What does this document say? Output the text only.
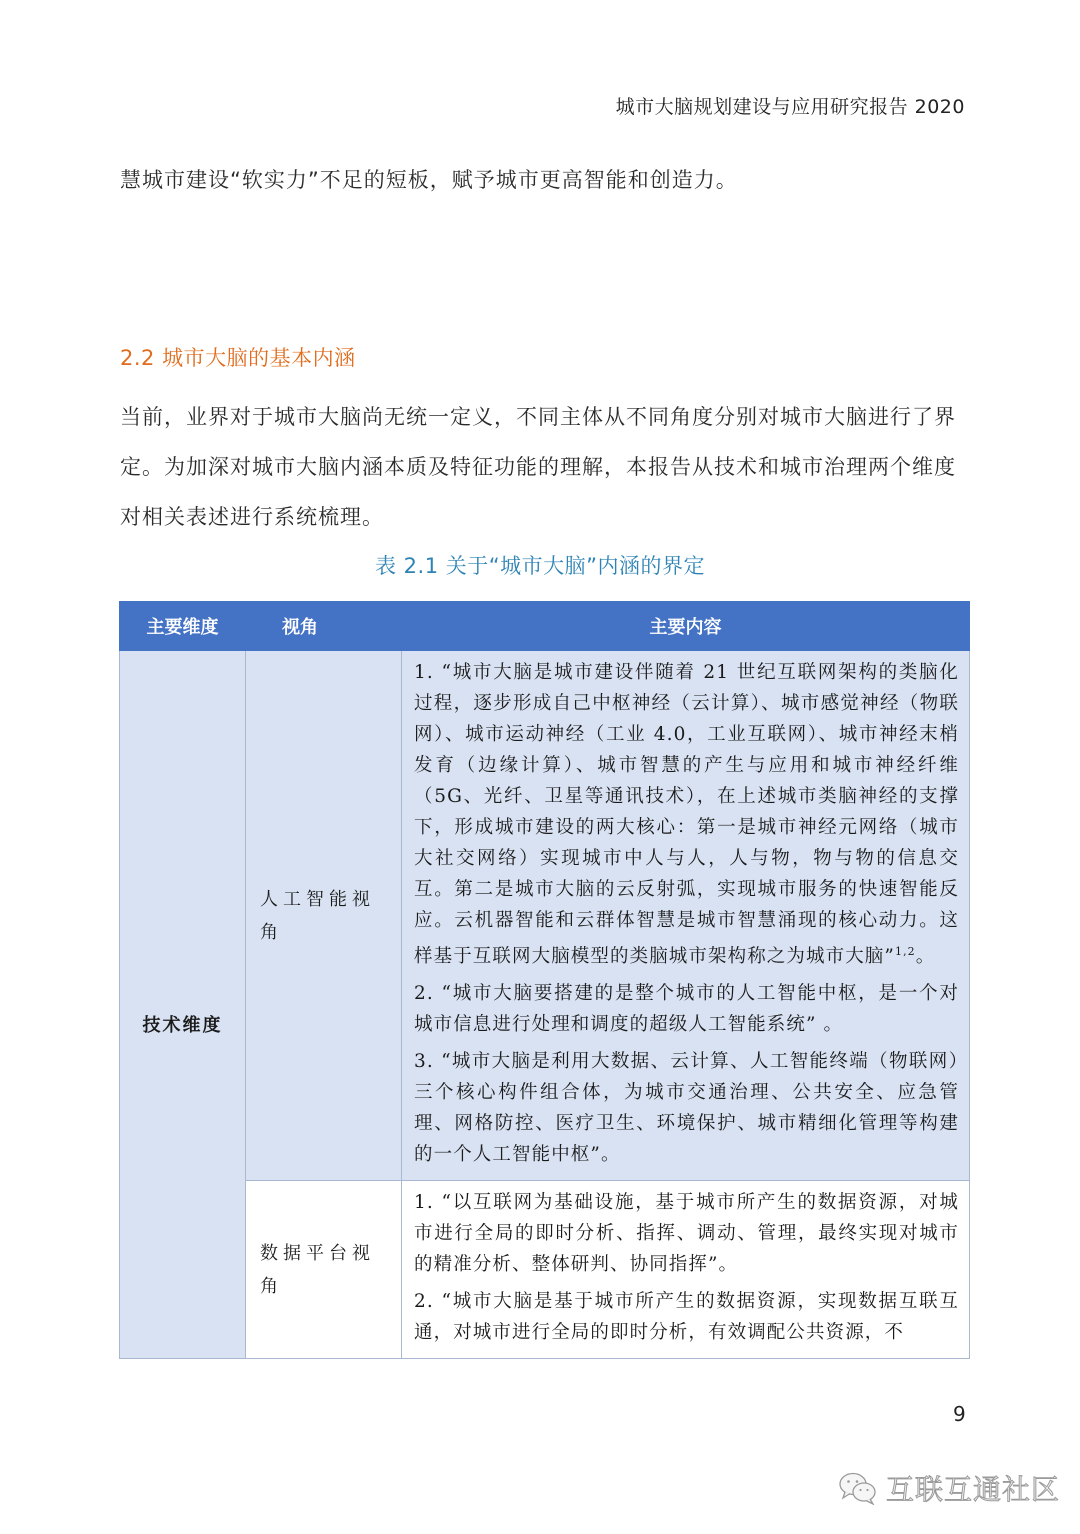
城市大脑规划建设与应用研究报告 2020
慧城市建设“软实力”不足的短板，赋予城市更高智能和创造力。
2.2 城市大脑的基本内涵
当前，业界对于城市大脑尚无统一定义，不同主体从不同角度分别对城市大脑进行了界定。为加深对城市大脑内涵本质及特征功能的理解，本报告从技术和城市治理两个维度对相关表述进行系统梳理。
表 2.1 关于“城市大脑”内涵的界定
主要维度	视角	主要内容
技术维度	人工智能视角	1. “城市大脑是城市建设伴随着 21 世纪互联网架构的类脑化过程，逐步形成自己中枢神经（云计算）、城市感觉神经（物联网）、城市运动神经（工业 4.0，工业互联网）、城市神经末梢发育（边缘计算）、城市智慧的产生与应用和城市神经纤维（5G、光纤、卫星等通讯技术），在上述城市类脑神经的支撑下，形成城市建设的两大核心：第一是城市神经元网络（城市大社交网络）实现城市中人与人，人与物，物与物的信息交互。第二是城市大脑的云反射弧，实现城市服务的快速智能反应。云机器智能和云群体智慧是城市智慧涌现的核心动力。这样基于互联网大脑模型的类脑城市架构称之为城市大脑”$^{1,2}$。

2. “城市大脑要搭建的是整个城市的人工智能中枢，是一个对城市信息进行处理和调度的超级人工智能系统” 。

3. “城市大脑是利用大数据、云计算、人工智能终端（物联网）三个核心构件组合体，为城市交通治理、公共安全、应急管理、网格防控、医疗卫生、环境保护、城市精细化管理等构建的一个人工智能中枢”。

	数据平台视角	1. “以互联网为基础设施，基于城市所产生的数据资源，对城市进行全局的即时分析、指挥、调动、管理，最终实现对城市的精准分析、整体研判、协同指挥”。

2. “城市大脑是基于城市所产生的数据资源，实现数据互联互通，对城市进行全局的即时分析，有效调配公共资源，不

9
互联互通社区
